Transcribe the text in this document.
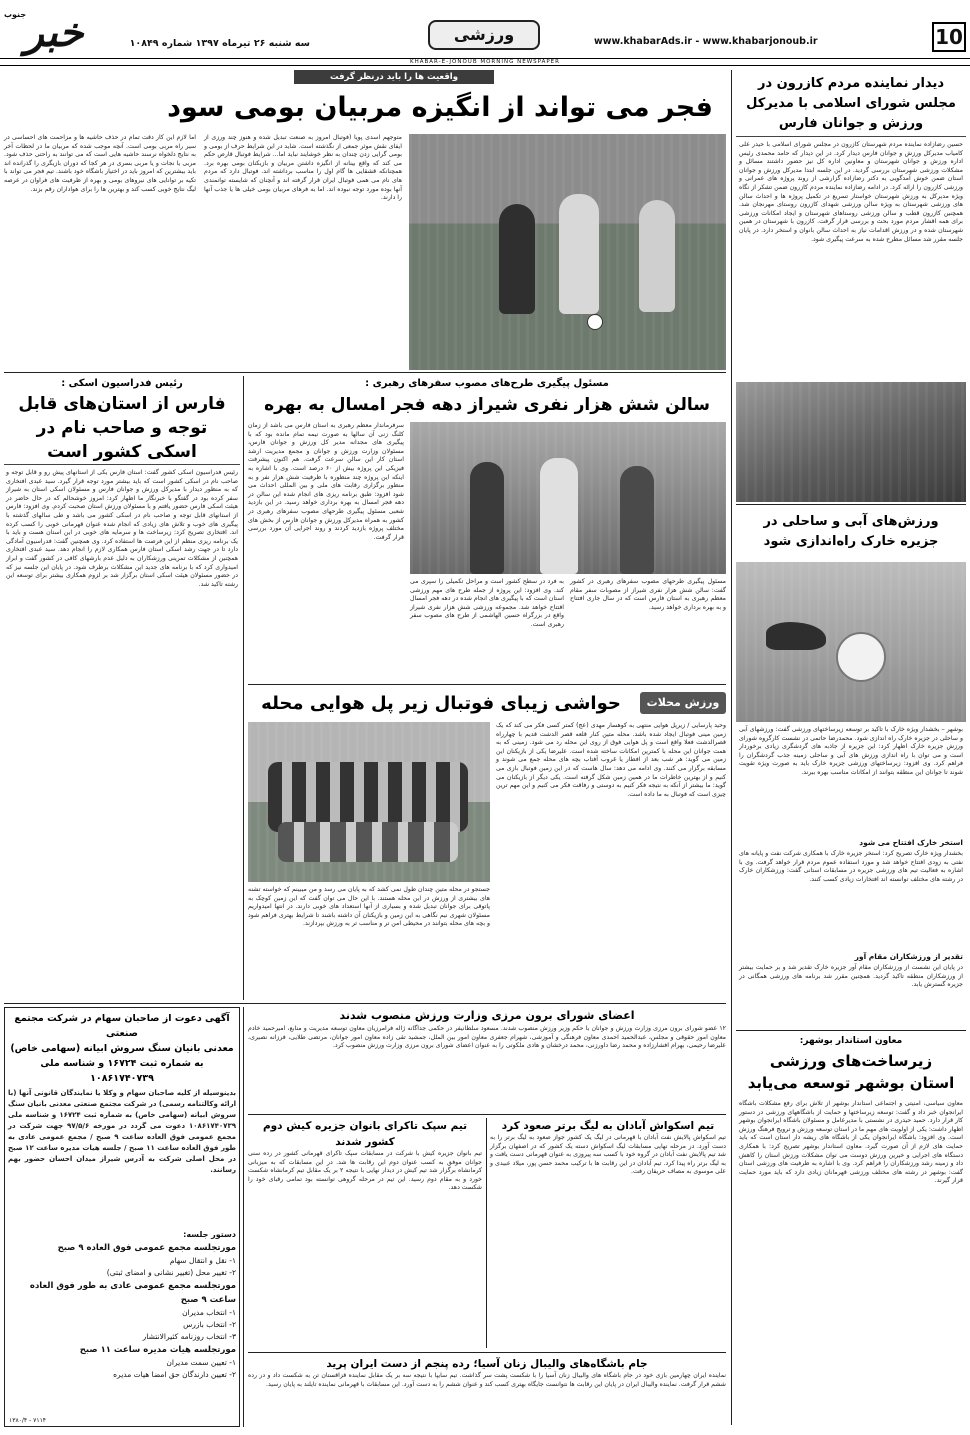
10
www.khabarAds.ir - www.khabarjonoub.ir
ورزشی
سه شنبه ۲۶ تیرماه ۱۳۹۷ شماره ۱۰۸۴۹
خبر
جنوب
KHABAR-E-JONOUB MORNING NEWSPAPER
دیدار نماینده مردم کازرون در مجلس شورای اسلامی با مدیرکل ورزش و جوانان فارس
حسین رضازاده نماینده مردم شهرستان کازرون در مجلس شورای اسلامی با حیدر علی کامیاب مدیرکل ورزش و جوانان فارس دیدار کرد. در این دیدار که حامد محمدی رئیس اداره ورزش و جوانان شهرستان و معاونین اداره کل نیز حضور داشتند مسائل و مشکلات ورزشی شهرستان بررسی گردید. در این جلسه ابتدا مدیرکل ورزش و جوانان استان ضمن خوش آمدگویی به دکتر رضازاده گزارشی از روند پروژه های عمرانی و ورزشی کازرون را ارائه کرد. در ادامه رضازاده نماینده مردم کازرون ضمن تشکر از نگاه ویژه مدیرکل به ورزش شهرستان خواستار تسریع در تکمیل پروژه ها و احداث سالن های ورزشی شهرستان به ویژه سالن ورزشی شهدای کازرون روستای مهرنجان شد. همچنین کازرون قطب و سالن ورزشی روستاهای شهرستان و ایجاد امکانات ورزشی برای همه اقشار مردم مورد بحث و بررسی قرار گرفت. کازرون با شهرستان در همین شهرستان شده و در ورزش اقدامات نیاز به احداث سالن بانوان و استخر دارد. در پایان جلسه مقرر شد مسائل مطرح شده به سرعت پیگیری شود.
ورزش‌های آبی و ساحلی در جزیره خارک راه‌اندازی شود
بوشهر – بخشدار ویژه خارک با تاکید بر توسعه زیرساختهای ورزشی گفت: ورزشهای آبی و ساحلی در جزیره خارک راه اندازی شود. محمدرضا حاتمی در نشست کارگروه شورای ورزش جزیره خارک اظهار کرد: این جزیره از جاذبه های گردشگری زیادی برخوردار است و می توان با راه اندازی ورزش های آبی و ساحلی زمینه جذب گردشگران را فراهم کرد. وی افزود: زیرساختهای ورزشی جزیره خارک باید به صورت ویژه تقویت شوند تا جوانان این منطقه بتوانند از امکانات مناسب بهره ببرند.
استخر خارک افتتاح می شود
بخشدار ویژه خارک تصریح کرد: استخر جزیره خارک با همکاری شرکت نفت و پایانه های نفتی به زودی افتتاح خواهد شد و مورد استفاده عموم مردم قرار خواهد گرفت. وی با اشاره به فعالیت تیم های ورزشی جزیره در مسابقات استانی گفت: ورزشکاران خارک در رشته های مختلف توانسته اند افتخارات زیادی کسب کنند.
تقدیر از ورزشکاران مقام آور
در پایان این نشست از ورزشکاران مقام آور جزیره خارک تقدیر شد و بر حمایت بیشتر از ورزشکاران منطقه تاکید گردید. همچنین مقرر شد برنامه های ورزشی همگانی در جزیره گسترش یابد.
معاون استاندار بوشهر:
زیرساخت‌های ورزشی استان بوشهر توسعه می‌یابد
معاون سیاسی، امنیتی و اجتماعی استاندار بوشهر از تلاش برای رفع مشکلات باشگاه ایرانجوان خبر داد و گفت: توسعه زیرساختها و حمایت از باشگاههای ورزشی در دستور کار قرار دارد. حمید حیدری در نشستی با مدیرعامل و مسئولان باشگاه ایرانجوان بوشهر اظهار داشت: یکی از اولویت های مهم ما در استان توسعه ورزش و ترویج فرهنگ ورزش است. وی افزود: باشگاه ایرانجوان یکی از باشگاه های ریشه دار استان است که باید حمایت های لازم از آن صورت گیرد. معاون استاندار بوشهر تصریح کرد: با همکاری دستگاه های اجرایی و خیرین ورزش دوست می توان مشکلات ورزش استان را کاهش داد و زمینه رشد ورزشکاران را فراهم کرد. وی با اشاره به ظرفیت های ورزشی استان گفت: بوشهر در رشته های مختلف ورزشی قهرمانان زیادی دارد که باید مورد حمایت قرار گیرند.
واقعیت ها را باید درنظر گرفت
فجر می تواند از انگیزه مربیان بومی سود
متوجهم اسدی پویا (فوتبال امروز به صنعت تبدیل شده و هنوز چند ورزی از ایفای نقش موثر جمعی از نگذشته است. شاید در این شرایط حرف از بومی و بومی گرایی زدن چندان به نظر خوشایند نباید اما... شرایط فوتبال قارص حکم می کند که واقع بینانه از انگیزه داشتن مربیان و بازیکنان بومی بهره برد. همچنانکه قشقایی ها گام اول را مناسب برداشته اند. فوتبال دارد که مردم های نام می همی فوتبال ایران قرار گرفته اند و آنچنان که شایسته توانمندی آنها بوده مورد توجه نبوده اند. اما به فرهای مربیان بومی خیلی ها یا جذب آنها را دارند.
اما لازم این کار دقت تمام در حذف حاشیه ها و مزاحمت های احساسی در سیر راه مربی بومی است. آنچه موجب شده که مربیان ما در لحظات آخر به نتایج دلخواه نرسند حاشیه هایی است که می توانند به راحتی حذف شود. مربی یا نجات و یا مربی بسری در هر کجا که دوران بازیگری را گذرانده اند باید بیشترین که امروز باید در اختیار باشگاه خود باشند. تیم فجر می تواند با تکیه بر توانایی های نیروهای بومی و بهره از ظرفیت های فراوان در عرصه لیگ نتایج خوبی کسب کند و بهترین ها را برای هواداران رقم بزند.
رئیس فدراسیون اسکی :
فارس از استان‌های قابل توجه و صاحب نام در اسکی کشور است
رئیس فدراسیون اسکی کشور گفت: استان فارس یکی از استانهای پیش رو و قابل توجه و صاحب نام در اسکی کشور است که باید بیشتر مورد توجه قرار گیرد. سید عبدی افتخاری که به منظور دیدار با مدیرکل ورزش و جوانان فارس و مسئولان اسکی استان به شیراز سفر کرده بود در گفتگو با خبرنگار ما اظهار کرد: امروز خوشحالم که در حال حاضر در هیئت اسکی فارس حضور یافتم و با مسئولان ورزش استان صحبت کردم. وی افزود: فارس از استانهای قابل توجه و صاحب نام در اسکی کشور می باشد و طی سالهای گذشته با پیگیری های خوب و تلاش های زیادی که انجام شده عنوان قهرمانی خوبی را کسب کرده اند. افتخاری تصریح کرد: زیرساخت ها و سرمایه های خوبی در این استان هست و باید با یک برنامه ریزی منظم از این فرصت ها استفاده کرد. وی همچنین گفت: فدراسیون آمادگی دارد تا در جهت رشد اسکی استان فارس همکاری لازم را انجام دهد. سید عبدی افتخاری همچنین از مشکلات تمرینی ورزشکاران به دلیل عدم بارشهای کافی در کشور گفت و ابراز امیدواری کرد که با برنامه های جدید این مشکلات برطرف شود. در پایان این جلسه نیز که در حضور مسئولان هیئت اسکی استان برگزار شد بر لزوم همکاری بیشتر برای توسعه این رشته تاکید شد.
مسئول پیگیری طرح‌های مصوب سفرهای رهبری :
سالن شش هزار نفری شیراز دهه فجر امسال به بهره
سرفرماندار معظم رهبری به استان فارس می باشد از زمان کلنگ زنی آن سالها به صورت نیمه تمام مانده بود که با پیگیری های مجدانه مدیر کل ورزش و جوانان فارس، مسئولان وزارت ورزش و جوانان و مجمع مدیریت ارشد استان کار این سالن سرعت گرفت. هم اکنون پیشرفت فیزیکی این پروژه بیش از ۶۰ درصد است. وی با اشاره به اینکه این پروژه چند منظوره با ظرفیت شش هزار نفر و به منظور برگزاری رقابت های ملی و بین المللی احداث می شود افزود: طبق برنامه ریزی های انجام شده این سالن در دهه فجر امسال به بهره برداری خواهد رسید. در این بازدید شعبی مسئول پیگیری طرحهای مصوب سفرهای رهبری در کشور به همراه مدیرکل ورزش و جوانان فارس از بخش های مختلف پروژه بازدید کردند و روند اجرایی آن مورد بررسی قرار گرفت.
مسئول پیگیری طرحهای مصوب سفرهای رهبری در کشور گفت: سالن شش هزار نفری شیراز از مصوبات سفر مقام معظم رهبری به استان فارس است که در سال جاری افتتاح و به بهره برداری خواهد رسید.
به فرد در سطح کشور است و مراحل تکمیلی را سپری می کند. وی افزود: این پروژه از جمله طرح های مهم ورزشی استان است که با پیگیری های انجام شده در دهه فجر امسال افتتاح خواهد شد. مجموعه ورزشی شش هزار نفری شیراز واقع در بزرگراه حسین الهاشمی از طرح های مصوب سفر رهبری است.
ورزش محلات
حواشی زیبای فوتبال زیر پل هوایی محله
وحید پارسایی / زیرپل هوایی منتهی به کوهسار مهدی (عج) کمتر کسی فکر می کند که یک زمین مینی فوتبال ایجاد شده باشد. محله متین کنار قلعه قصر الدشت قدیم با چهارراه قصرالدشت فعلا واقع است و پل هوایی فوق از روی این محله رد می شود. زمینی که به همت جوانان این محله با کمترین امکانات ساخته شده است. علیرضا یکی از بازیکنان این زمین می گوید: هر شب بعد از افطار یا غروب آفتاب بچه های محله جمع می شوند و مسابقه برگزار می کنند. وی ادامه می دهد: سال هاست که در این زمین فوتبال بازی می کنیم و از بهترین خاطرات ما در همین زمین شکل گرفته است. یکی دیگر از بازیکنان می گوید: ما بیشتر از آنکه به نتیجه فکر کنیم به دوستی و رفاقت فکر می کنیم و این مهم ترین چیزی است که فوتبال به ما داده است.
جستجو در محله متین چندان طول نمی کشد که به پایان می رسد و من میبینم که خواسته تشنه های بیشتری از ورزش در این محله هستند. با این حال می توان گفت که این زمین کوچک به پاتوقی برای جوانان تبدیل شده و بسیاری از آنها استعداد های خوبی دارند. در انتها امیدواریم مسئولان شهری نیم نگاهی به این زمین و بازیکنان آن داشته باشند تا شرایط بهتری فراهم شود و بچه های محله بتوانند در محیطی امن تر و مناسب تر به ورزش بپردازند.
آگهی دعوت از صاحبان سهام در شرکت مجتمع صنعتی
معدنی بانیان سنگ سروش ابیانه (سهامی خاص)
به شماره ثبت ۱۶۷۲۴ و شناسه ملی ۱۰۸۶۱۷۴۰۷۳۹
بدینوسیله از کلیه صاحبان سهام و وکلا یا نمایندگان قانونی آنها (با ارائه وکالتنامه رسمی) در شرکت مجتمع صنعتی معدنی بانیان سنگ سروش ابیانه (سهامی خاص) به شماره ثبت ۱۶۷۲۴ و شناسه ملی ۱۰۸۶۱۷۴۰۷۳۹ دعوت می گردد در مورخه ۹۷/۵/۶ جهت شرکت در مجمع عمومی فوق العاده ساعت ۹ صبح / مجمع عمومی عادی به طور فوق العاده ساعت ۱۱ صبح / جلسه هیات مدیره ساعت ۱۲ صبح در محل اصلی شرکت به آدرس شیراز میدان احسان حضور بهم رسانند.
دستور جلسه:
مورتجلسه مجمع عمومی فوق العاده ۹ صبح
۱- نقل و انتقال سهام
۲- تغییر محل (تغییر نشانی و امضای ثبتی)
مورتجلسه مجمع عمومی عادی به طور فوق العاده ساعت ۹ صبح
۱- انتخاب مدیران
۲- انتخاب بازرس
۳- انتخاب روزنامه کثیرالانتشار
مورتجلسه هیات مدیره ساعت ۱۱ صبح
۱- تعیین سمت مدیران
۲- تعیین دارندگان حق امضا هیات مدیره
۷۱۱۴ - ۱۳۸۰/۴
اعضای شورای برون مرزی وزارت ورزش منصوب شدند
۱۲ عضو شورای برون مرزی وزارت ورزش و جوانان با حکم وزیر ورزش منصوب شدند. مسعود سلطانیفر در حکمی جداگانه ژاله فرامرزیان معاون توسعه مدیریت و منابع، امیرحمید خادم معاون امور حقوقی و مجلس، عبدالحمید احمدی معاون فرهنگی و آموزشی، شهرام جعفری معاون امور بین الملل، جمشید تقی زاده معاون امور جوانان، مرتضی طلایی، فرزانه نصیری، علیرضا رحیمی، بهرام افشارزاده و محمد رضا داورزنی، محمد درخشان و هادی ملکوتی را به عنوان اعضای شورای برون مرزی وزارت ورزش منصوب کرد.
تیم اسکواش آبادان به لیگ برتر صعود کرد
تیم اسکواش پالایش نفت آبادان با قهرمانی در لیگ یک کشور جواز صعود به لیگ برتر را به دست آورد. در مرحله نهایی مسابقات لیگ اسکواش دسته یک کشور که در اصفهان برگزار شد تیم پالایش نفت آبادان در گروه خود با کسب سه پیروزی به عنوان قهرمانی دست یافت و به لیگ برتر راه پیدا کرد. تیم آبادان در این رقابت ها با ترکیب محمد حسن پور، میلاد عبیدی و علی موسوی به مصاف حریفان رفت.
تیم سپک تاکرای بانوان جزیره کیش دوم کشور شدند
تیم بانوان جزیره کیش با شرکت در مسابقات سپک تاکرای قهرمانی کشور در رده سنی جوانان موفق به کسب عنوان دوم این رقابت ها شد. در این مسابقات که به میزبانی کرمانشاه برگزار شد تیم کیش در دیدار نهایی با نتیجه ۲ بر یک مقابل تیم کرمانشاه شکست خورد و به مقام دوم رسید. این تیم در مرحله گروهی توانسته بود تمامی رقبای خود را شکست دهد.
جام باشگاه‌های والیبال زنان آسیا؛ رده پنجم از دست ایران پرید
نماینده ایران چهارمین بازی خود در جام باشگاه های والیبال زنان آسیا را با شکست پشت سر گذاشت. تیم سایپا با نتیجه سه بر یک مقابل نماینده قزاقستان تن به شکست داد و در رده ششم قرار گرفت. نماینده والیبال ایران در پایان این رقابت ها نتوانست جایگاه بهتری کسب کند و عنوان ششم را به دست آورد. این مسابقات با قهرمانی نماینده تایلند به پایان رسید.
